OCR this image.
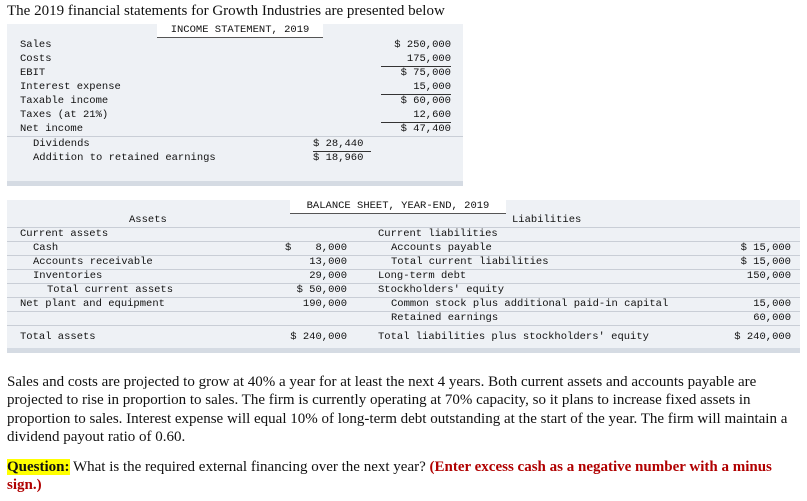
The 2019 financial statements for Growth Industries are presented below
INCOME STATEMENT, 2019
Sales	$ 250,000
Costs	175,000
EBIT	$ 75,000
Interest expense	15,000
Taxable income	$ 60,000
Taxes (at 21%)	12,600
Net income	$ 47,400
Dividends	$ 28,440
Addition to retained earnings	$ 18,960
BALANCE SHEET, YEAR-END, 2019
Assets	Liabilities
Current assets	Current liabilities
Cash	$	8,000	Accounts payable	$ 15,000
Accounts receivable	13,000	Total current liabilities	$ 15,000
Inventories	29,000	Long-term debt	150,000
Total current assets	$ 50,000	Stockholders' equity
Net plant and equipment	190,000	Common stock plus additional paid-in capital	15,000
Retained earnings	60,000
Total assets	$ 240,000	Total liabilities plus stockholders' equity	$ 240,000
Sales and costs are projected to grow at 40% a year for at least the next 4 years. Both current assets and accounts payable are projected to rise in proportion to sales. The firm is currently operating at 70% capacity, so it plans to increase fixed assets in proportion to sales. Interest expense will equal 10% of long-term debt outstanding at the start of the year. The firm will maintain a dividend payout ratio of 0.60.
Question: What is the required external financing over the next year? (Enter excess cash as a negative number with a minus sign.)
